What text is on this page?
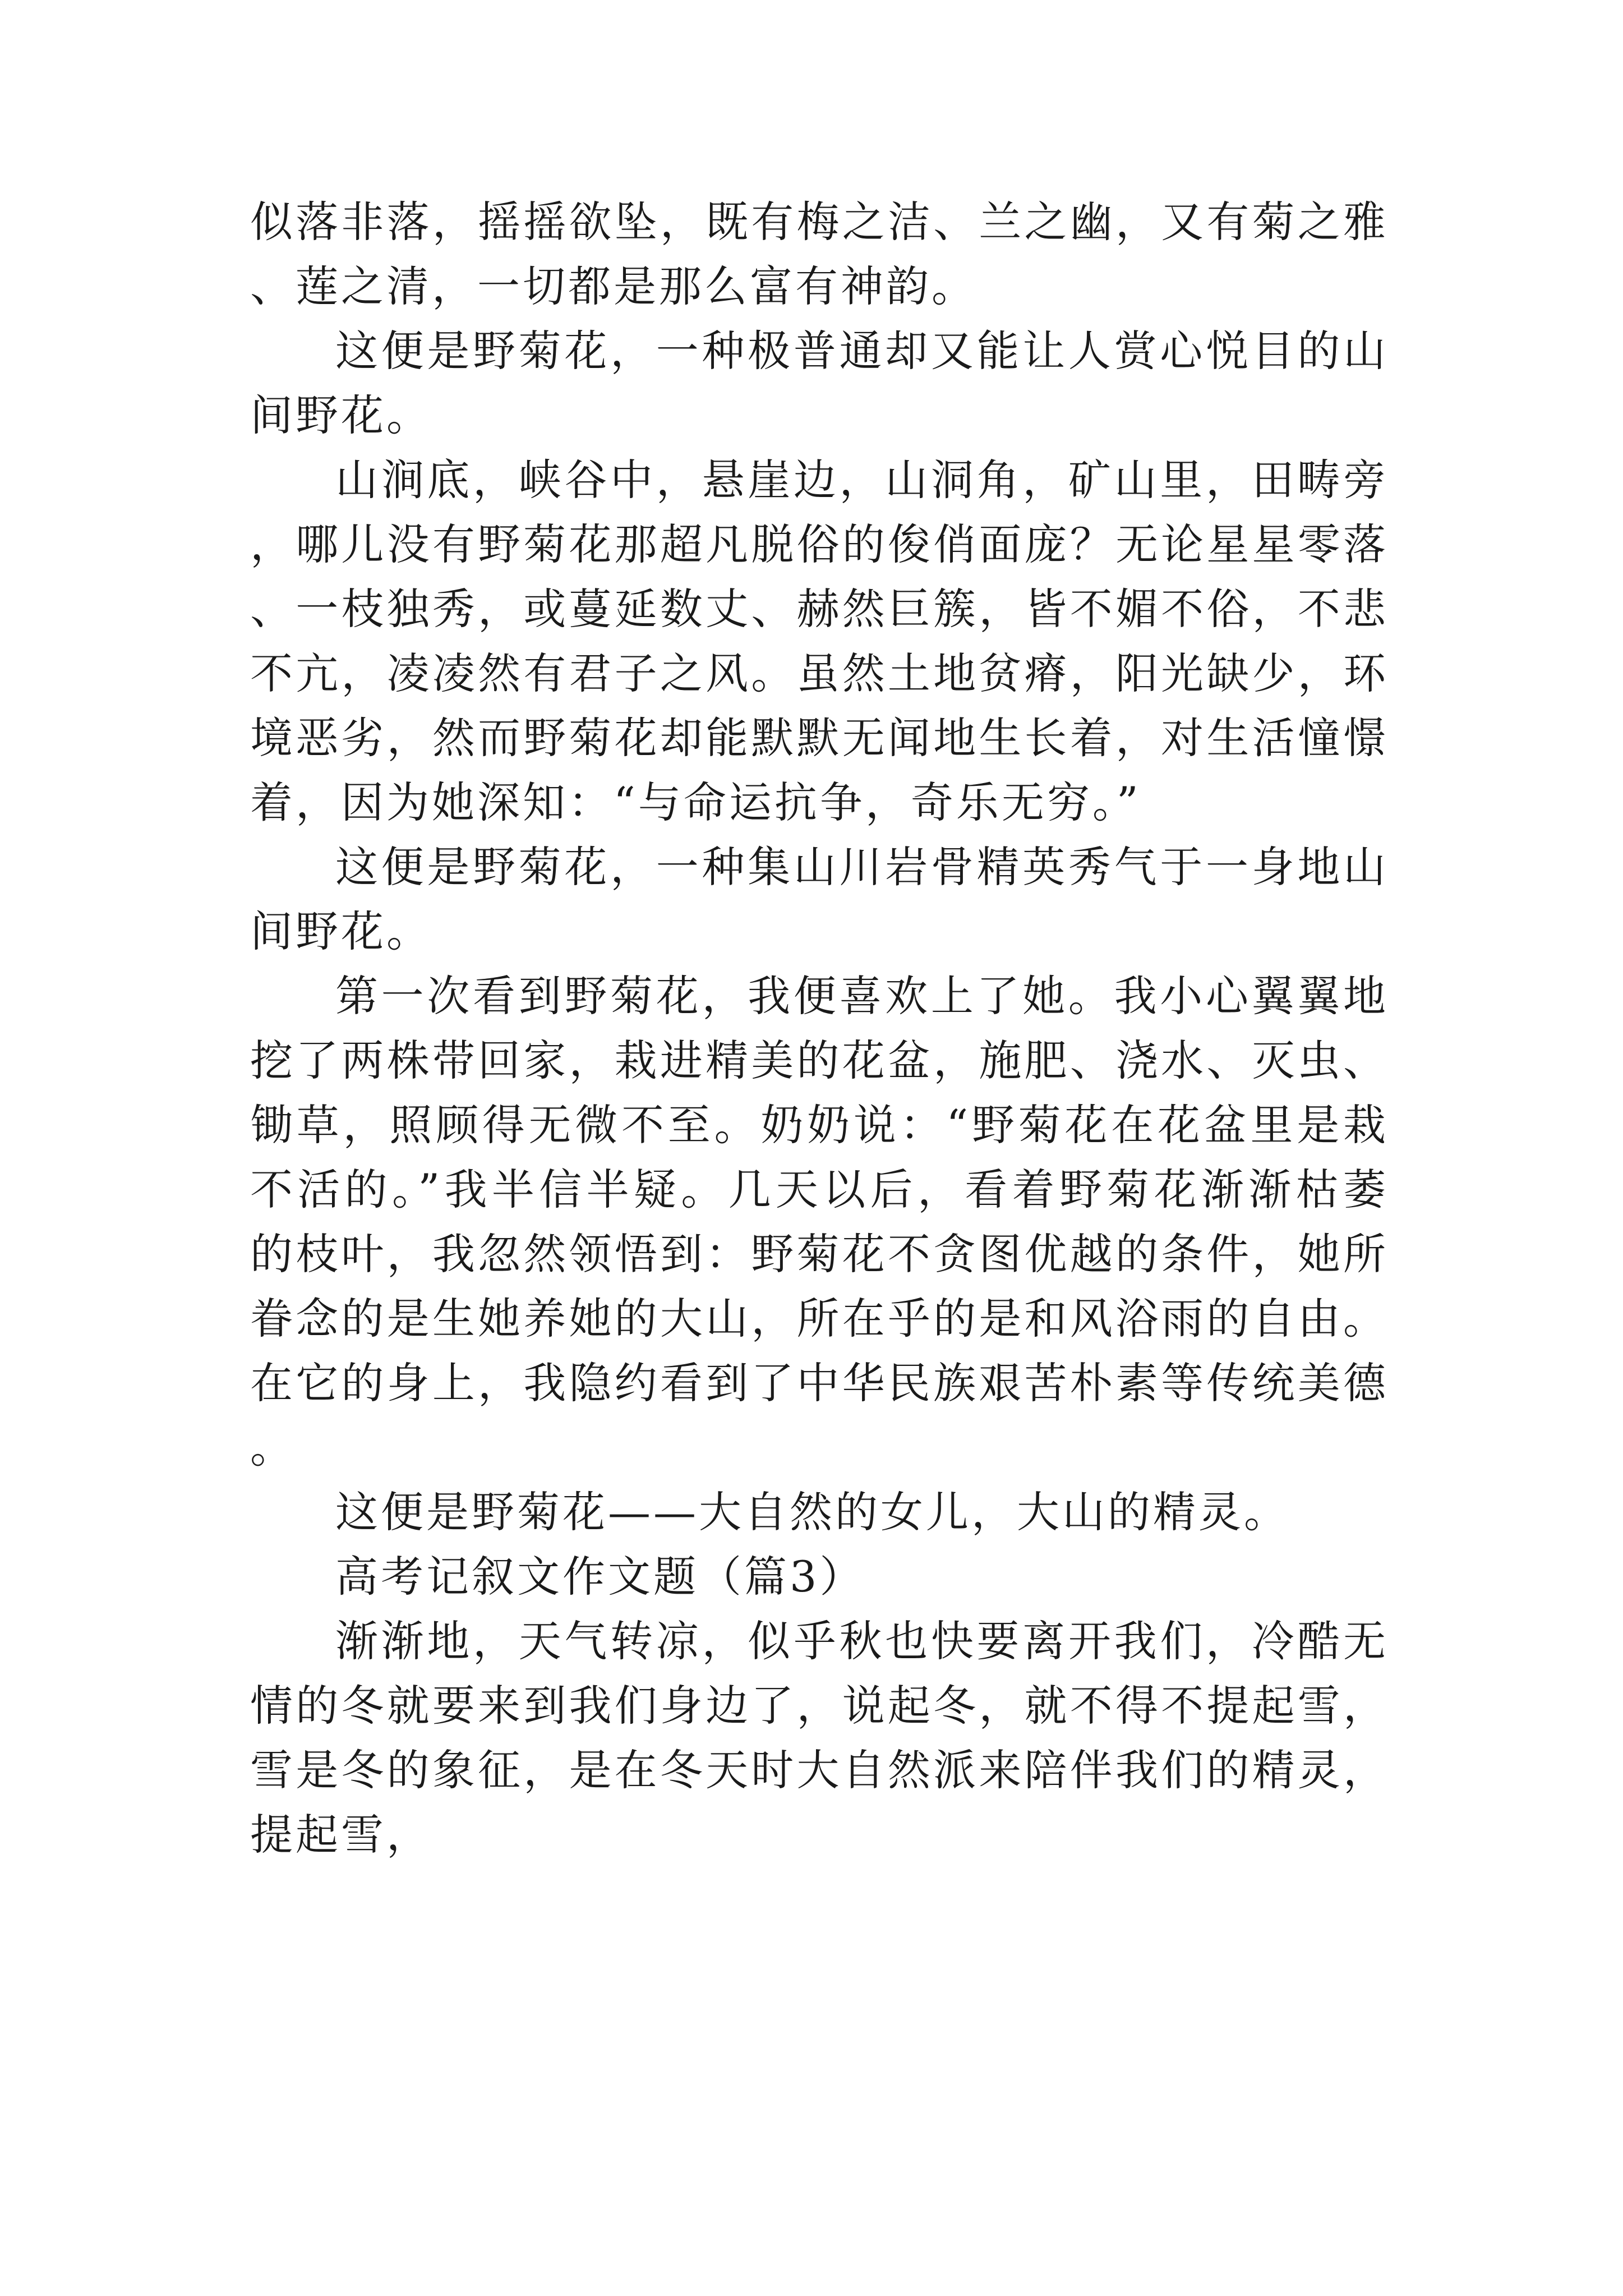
似落非落，摇摇欲坠，既有梅之洁、兰之幽，又有菊之雅、莲之清，一切都是那么富有神韵。

这便是野菊花，一种极普通却又能让人赏心悦目的山间野花。

山涧底，峡谷中，悬崖边，山洞角，矿山里，田畴旁，哪儿没有野菊花那超凡脱俗的俊俏面庞？无论星星零落、一枝独秀，或蔓延数丈、赫然巨簇，皆不媚不俗，不悲不亢，凌凌然有君子之风。虽然土地贫瘠，阳光缺少，环境恶劣，然而野菊花却能默默无闻地生长着，对生活憧憬着，因为她深知：“与命运抗争，奇乐无穷。”

这便是野菊花，一种集山川岩骨精英秀气于一身地山间野花。

第一次看到野菊花，我便喜欢上了她。我小心翼翼地挖了两株带回家，栽进精美的花盆，施肥、浇水、灭虫、锄草，照顾得无微不至。奶奶说：“野菊花在花盆里是栽不活的。”我半信半疑。几天以后，看着野菊花渐渐枯萎的枝叶，我忽然领悟到：野菊花不贪图优越的条件，她所眷念的是生她养她的大山，所在乎的是和风浴雨的自由。在它的身上，我隐约看到了中华民族艰苦朴素等传统美德。

这便是野菊花——大自然的女儿，大山的精灵。

高考记叙文作文题（篇3）

渐渐地，天气转凉，似乎秋也快要离开我们，冷酷无情的冬就要来到我们身边了，说起冬，就不得不提起雪，雪是冬的象征，是在冬天时大自然派来陪伴我们的精灵，提起雪，
